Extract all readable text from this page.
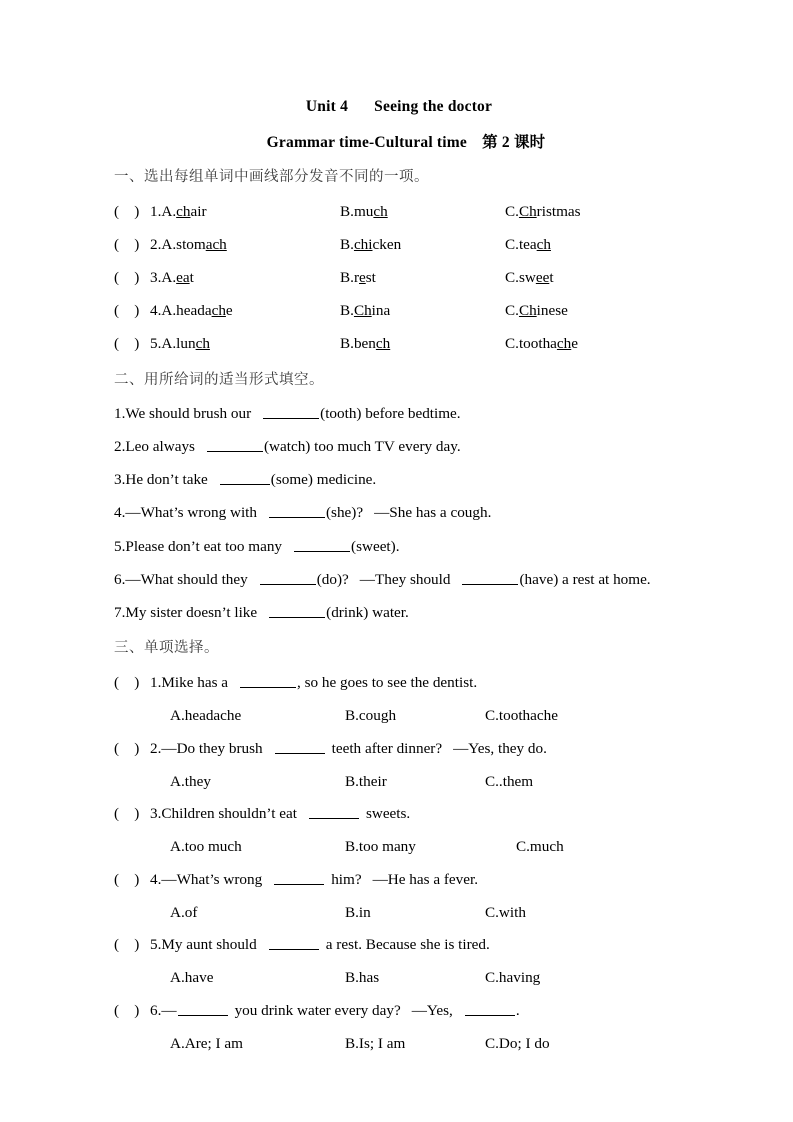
Unit 4 Seeing the doctor
Grammar time-Cultural time 第 2 课时
一、选出每组单词中画线部分发音不同的一项。
(    ) 1.A.chair	B.much	C.Christmas
(    ) 2.A.stomach	B.chicken	C.teach
(    ) 3.A.eat	B.rest	C.sweet
(    ) 4.A.headache	B.China	C.Chinese
(    ) 5.A.lunch	B.bench	C.toothache
二、用所给词的适当形式填空。
1.We should brush our	(tooth) before bedtime.
2.Leo always	(watch) too much TV every day.
3.He don’t take	(some) medicine.
4.—What’s wrong with	(she)? —She has a cough.
5.Please don’t eat too many	(sweet).
6.—What should they	(do)? —They should	(have) a rest at home.
7.My sister doesn’t like	(drink) water.
三、单项选择。
(    ) 1.Mike has a	, so he goes to see the dentist.
A.headache	B.cough	C.toothache
(    ) 2.—Do they brush	teeth after dinner? —Yes, they do.
A.they	B.their	C..them
(    ) 3.Children shouldn’t eat	sweets.
A.too much	B.too many	C.much
(    ) 4.—What’s wrong	him? —He has a fever.
A.of	B.in	C.with
(    ) 5.My aunt should	a rest. Because she is tired.
A.have	B.has	C.having
(    ) 6.—	you drink water every day? —Yes,	.
A.Are; I am	B.Is; I am	C.Do; I do
